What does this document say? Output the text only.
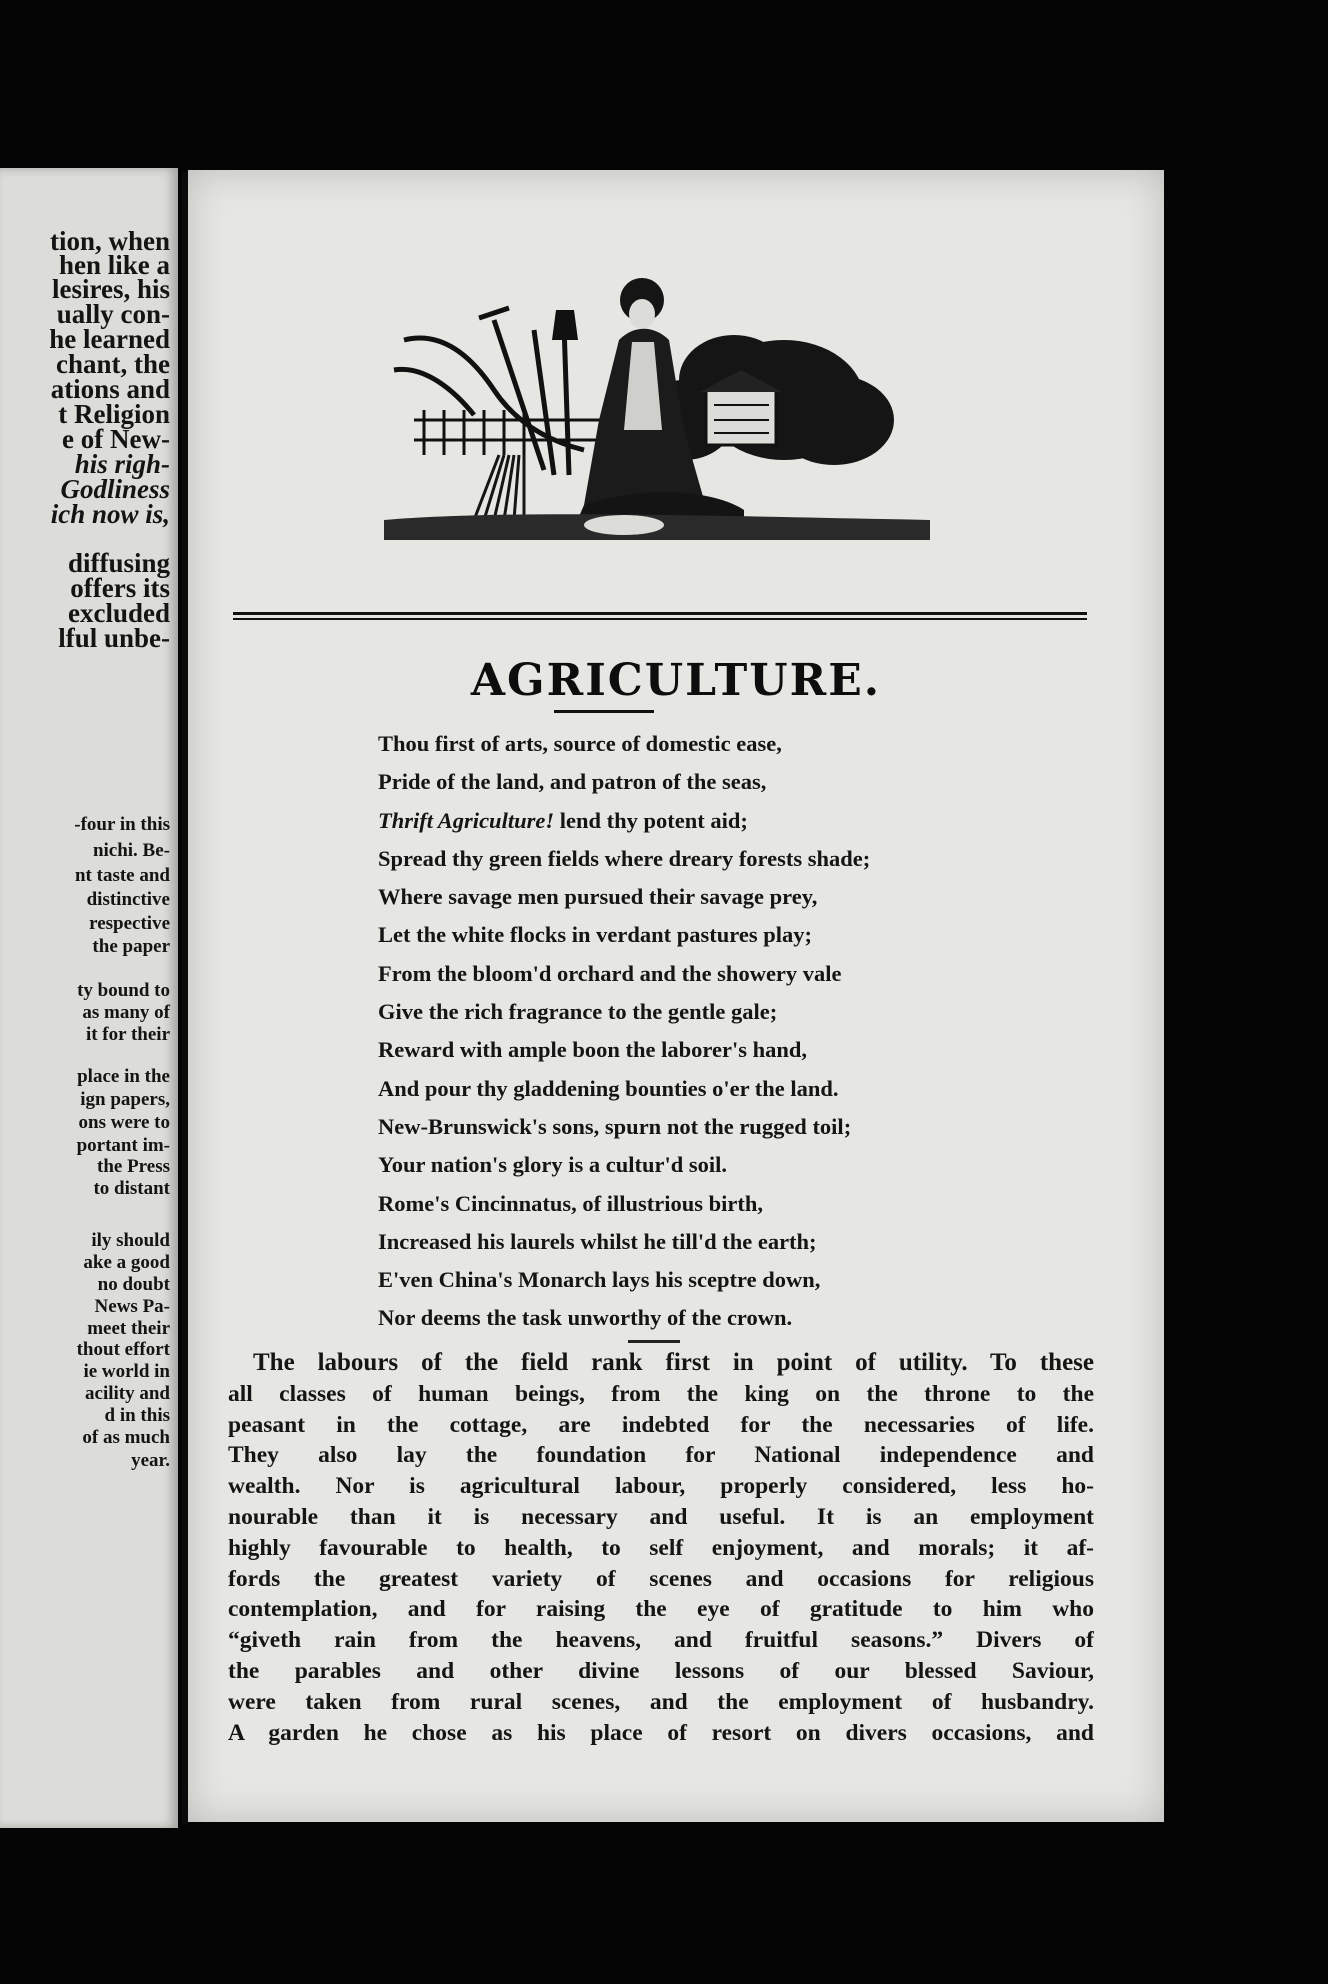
tion, when
hen like a
lesires, his
ually con-
he learned
chant, the
ations and
t Religion
e of New-
his righ-
Godliness
ich now is,
diffusing
offers its
excluded
lful unbe-
-four in this
nichi. Be-
nt taste and
distinctive
respective
the paper
ty bound to
as many of
it for their
place in the
ign papers,
ons were to
portant im-
the Press
to distant
ily should
ake a good
no doubt
News Pa-
meet their
thout effort
ie world in
acility and
d in this
of as much
year.
AGRICULTURE.
Thou first of arts, source of domestic ease,
Pride of the land, and patron of the seas,
Thrift Agriculture! lend thy potent aid;
Spread thy green fields where dreary forests shade;
Where savage men pursued their savage prey,
Let the white flocks in verdant pastures play;
From the bloom'd orchard and the showery vale
Give the rich fragrance to the gentle gale;
Reward with ample boon the laborer's hand,
And pour thy gladdening bounties o'er the land.
New-Brunswick's sons, spurn not the rugged toil;
Your nation's glory is a cultur'd soil.
Rome's Cincinnatus, of illustrious birth,
Increased his laurels whilst he till'd the earth;
E'ven China's Monarch lays his sceptre down,
Nor deems the task unworthy of the crown.
The labours of the field rank first in point of utility. To these
all classes of human beings, from the king on the throne to the
peasant in the cottage, are indebted for the necessaries of life.
They also lay the foundation for National independence and
wealth. Nor is agricultural labour, properly considered, less ho-
nourable than it is necessary and useful. It is an employment
highly favourable to health, to self enjoyment, and morals; it af-
fords the greatest variety of scenes and occasions for religious
contemplation, and for raising the eye of gratitude to him who
“giveth rain from the heavens, and fruitful seasons.” Divers of
the parables and other divine lessons of our blessed Saviour,
were taken from rural scenes, and the employment of husbandry.
A garden he chose as his place of resort on divers occasions, and
